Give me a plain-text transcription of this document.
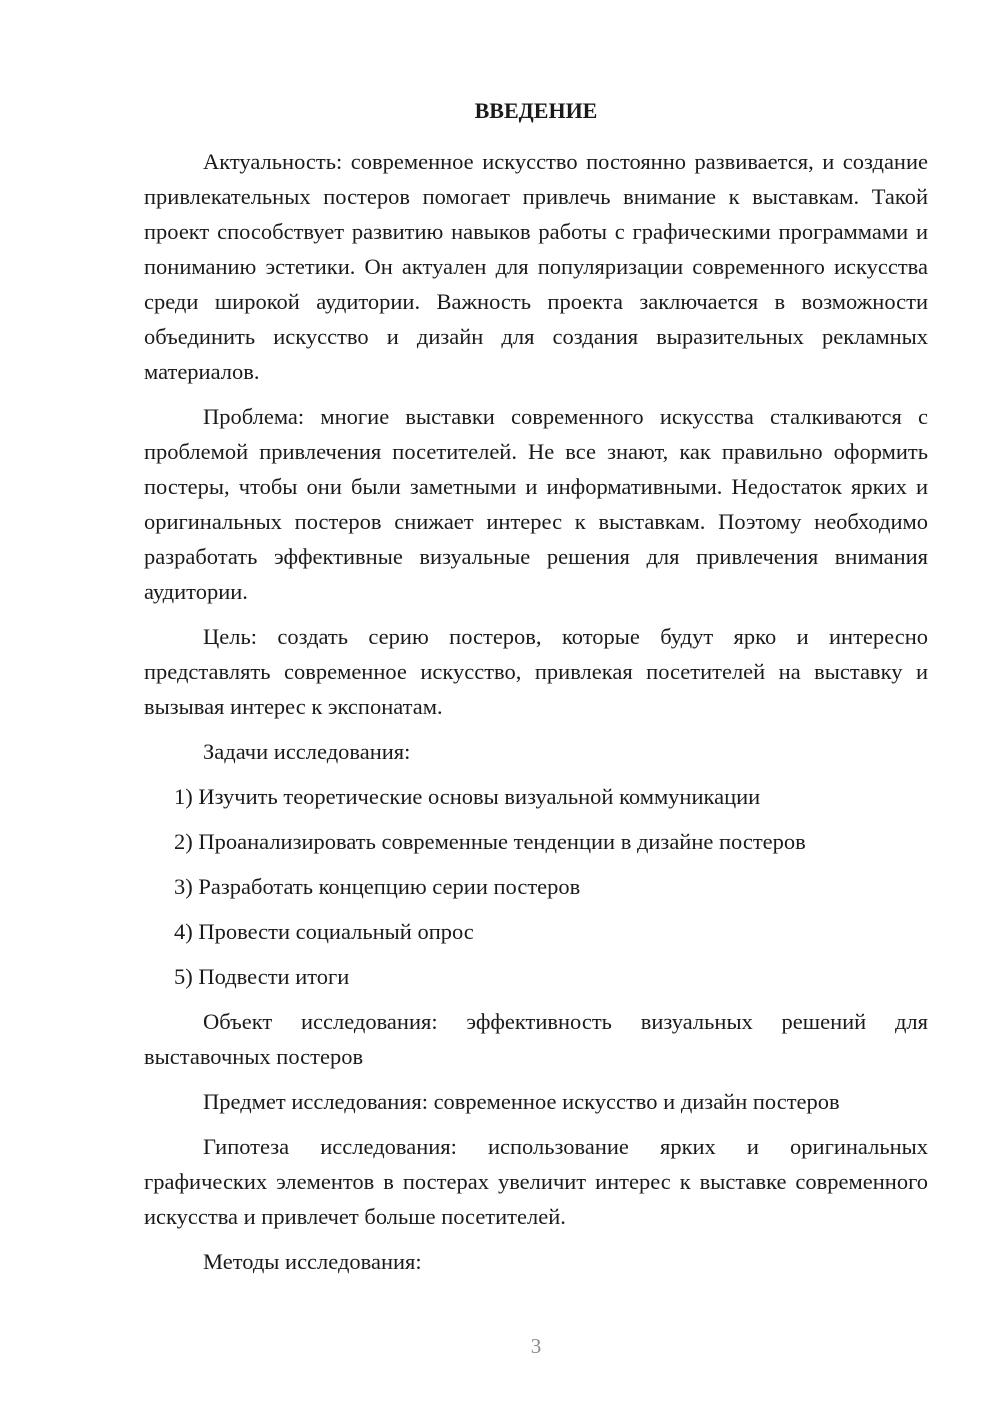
ВВЕДЕНИЕ

Актуальность: современное искусство постоянно развивается, и создание привлекательных постеров помогает привлечь внимание к выставкам. Такой проект способствует развитию навыков работы с графическими программами и пониманию эстетики. Он актуален для популяризации современного искусства среди широкой аудитории. Важность проекта заключается в возможности объединить искусство и дизайн для создания выразительных рекламных материалов.

Проблема: многие выставки современного искусства сталкиваются с проблемой привлечения посетителей. Не все знают, как правильно оформить постеры, чтобы они были заметными и информативными. Недостаток ярких и оригинальных постеров снижает интерес к выставкам. Поэтому необходимо разработать эффективные визуальные решения для привлечения внимания аудитории.

Цель: создать серию постеров, которые будут ярко и интересно представлять современное искусство, привлекая посетителей на выставку и вызывая интерес к экспонатам.

Задачи исследования:

1) Изучить теоретические основы визуальной коммуникации
2) Проанализировать современные тенденции в дизайне постеров
3) Разработать концепцию серии постеров
4) Провести социальный опрос
5) Подвести итоги

Объект исследования: эффективность визуальных решений для выставочных постеров

Предмет исследования: современное искусство и дизайн постеров

Гипотеза исследования: использование ярких и оригинальных графических элементов в постерах увеличит интерес к выставке современного искусства и привлечет больше посетителей.

Методы исследования:

3
